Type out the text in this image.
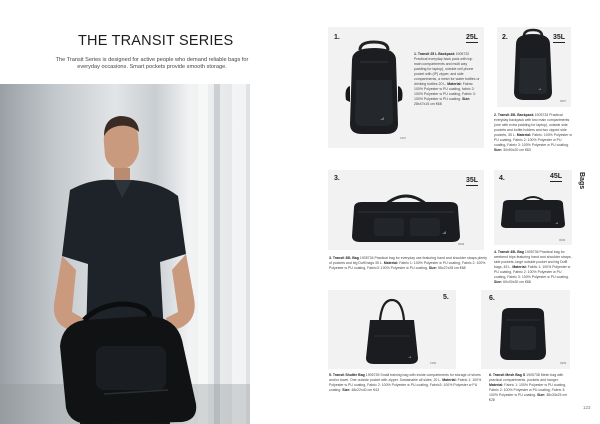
THE TRANSIT SERIES
The Transit Series is designed for active people who demand reliable bags for
everyday occasions. Smart pockets provide smooth storage.
1.	25L
1967
1. Transit 25 L Backpack 1905732 Practical everyday back pack with top main compartments and multi way padding for laptop), outside cell phone pocket with (IP) zipper, and side compartments, a mesh for water bottles or drinking bottles 20 L. Material: Fabric: 100% Polyester w PU coating, fabric 2: 100% Polyester w PU coating, Fabric 3: 100% Polyester w PU coating. Size: 28x47x15 cm €68
2.	35L
9997
2. Transit 35L Backpack 1905733 Practical everyday backpack with two main compartments (one with extra padding for laptop), outside side pockets and bottle holders and two zipped side pockets, 35 L. Material: Fabric: 100% Polyester w PU coating, Fabric 2: 100% Polyester w PU coating, Fabric 3: 100% Polyester w PU coating. Size: 30x50x20 cm €83
3.	35L
9999
3. Transit 35L Bag 1905734 Practical bag for everyday use featuring hand and shoulder straps plenty of pockets and big Duffl bags 35 L. Material: Fabric 1: 100% Polyester w PU coating, Fabric 2: 100% Polyester w PU coating, Fabric3: 100% Polyester w PU coating. Size: 55x27x28 cm €68
4.	45L
9999
4. Transit 45L Bag 1905736 Practical bag for weekend trips featuring hand and shoulder straps, side pockets, large outside pocket and big Duffl bags, 45 L. Material: Fabric 1: 100% Polyester w PU coating, Fabric 2: 100% Polyester w PU coating, Fabric 3: 100% Polyester w PU coating. Size: 60x30x30 cm €88
5.
1996
5. Transit Shuttle Bag 1905735 Small training bag with inside compartments for storage of shoes and/or towel. One outside pocket with zipper. Sustainable all sides, 20 L. Material: Fabric 1: 100% Polyester w PU coating, Fabric 2: 100% Polyester w PU coating, Fabric3: 100% Polyester w PU coating. Size: 48x22x40 cm €43
6.
9999
6. Transit Mesh Bag S 1905738 Mesh bag with practical compartments, pockets and hanger. Material: Fabric 1: 100% Polyester w PU coating, Fabric 2: 100% Polyester w PU coating, Fabric 3: 100% Polyester w PU coating. Size: 38x33x25 cm €28
Bags
123
